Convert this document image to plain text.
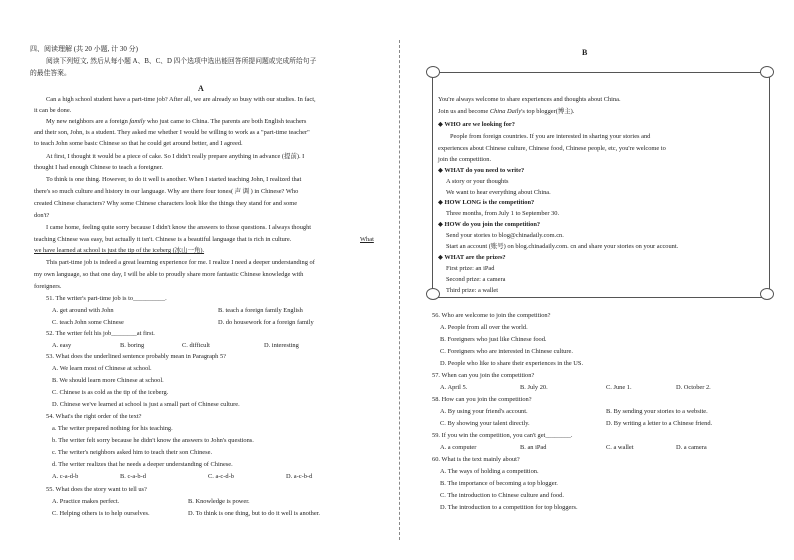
四、阅读理解 (共 20 小题, 计 30 分)
阅读下列短文, 然后从每小题 A、B、C、D 四个选项中选出能回答所提问题或完成所给句子
的最佳答案。
A
Can a high school student have a part-time job? After all, we are already so busy with our studies. In fact,
it can be done.
My new neighbors are a foreign family who just came to China. The parents are both English teachers
and their son, John, is a student. They asked me whether I would be willing to work as a "part-time teacher"
to teach John some basic Chinese so that he could get around better, and I agreed.
At first, I thought it would be a piece of cake. So I didn't really prepare anything in advance (提前). I
thought I had enough Chinese to teach a foreigner.
To think is one thing. However, to do it well is another. When I started teaching John, I realized that
there's so much culture and history in our language. Why are there four tones( 声 调 ) in Chinese? Who
created Chinese characters? Why some Chinese characters look like the things they stand for and some
don't?
I came home, feeling quite sorry because I didn't know the answers to those questions. I always thought
teaching Chinese was easy, but actually it isn't. Chinese is a beautiful language that is rich in culture.	What
we have learned at school is just the tip of the iceberg (冰山一角).
This part-time job is indeed a great learning experience for me. I realize I need a deeper understanding of
my own language, so that one day, I will be able to proudly share more fantastic Chinese knowledge with
foreigners.
51. The writer's part-time job is to__________.
A. get around with John	B. teach a foreign family English
C. teach John some Chinese	D. do housework for a foreign family
52. The writer felt his job________at first.
A. easy	B. boring	C. difficult	D. interesting
53. What does the underlined sentence probably mean in Paragraph 5?
A. We learn most of Chinese at school.
B. We should learn more Chinese at school.
C. Chinese is as cold as the tip of the iceberg.
D. Chinese we've learned at school is just a small part of Chinese culture.
54. What's the right order of the text?
a. The writer prepared nothing for his teaching.
b. The writer felt sorry because he didn't know the answers to John's questions.
c. The writer's neighbors asked him to teach their son Chinese.
d. The writer realizes that he needs a deeper understanding of Chinese.
A. c-a-d-b	B. c-a-b-d	C. a-c-d-b	D. a-c-b-d
55. What does the story want to tell us?
A. Practice makes perfect.	B. Knowledge is power.
C. Helping others is to help ourselves.	D. To think is one thing, but to do it well is another.
B
You're always welcome to share experiences and thoughts about China.
Join us and become China Daily's top blogger(博主).
◆ WHO are we looking for?
People from foreign countries. If you are interested in sharing your stories and
experiences about Chinese culture, Chinese food, Chinese people, etc, you're welcome to
join the competition.
◆ WHAT do you need to write?
A story or your thoughts
We want to hear everything about China.
◆ HOW LONG is the competition?
Three months, from July 1 to September 30.
◆ HOW do you join the competition?
Send your stories to blog@chinadaily.com.cn.
Start an account (账号) on blog.chinadaily.com. cn and share your stories on your account.
◆ WHAT are the prizes?
First prize: an iPad
Second prize: a camera
Third prize: a wallet
56. Who are welcome to join the competition?
A. People from all over the world.
B. Foreigners who just like Chinese food.
C. Foreigners who are interested in Chinese culture.
D. People who like to share their experiences in the US.
57. When can you join the competition?
A. April 5.	B. July 20.	C. June 1.	D. October 2.
58. How can you join the competition?
A. By using your friend's account.	B. By sending your stories to a website.
C. By showing your talent directly.	D. By writing a letter to a Chinese friend.
59. If you win the competition, you can't get________.
A. a computer	B. an iPad	C. a wallet	D. a camera
60. What is the text mainly about?
A. The ways of holding a competition.
B. The importance of becoming a top blogger.
C. The introduction to Chinese culture and food.
D. The introduction to a competition for top bloggers.
